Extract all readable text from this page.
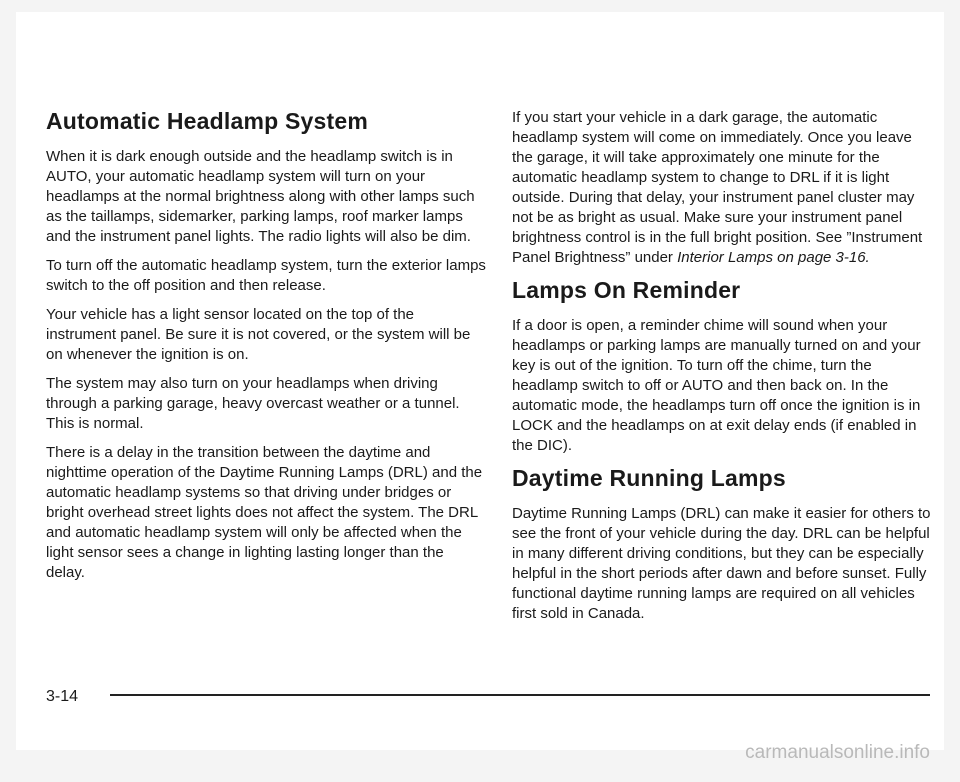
Automatic Headlamp System

When it is dark enough outside and the headlamp switch is in AUTO, your automatic headlamp system will turn on your headlamps at the normal brightness along with other lamps such as the taillamps, sidemarker, parking lamps, roof marker lamps and the instrument panel lights. The radio lights will also be dim.

To turn off the automatic headlamp system, turn the exterior lamps switch to the off position and then release.

Your vehicle has a light sensor located on the top of the instrument panel. Be sure it is not covered, or the system will be on whenever the ignition is on.

The system may also turn on your headlamps when driving through a parking garage, heavy overcast weather or a tunnel. This is normal.

There is a delay in the transition between the daytime and nighttime operation of the Daytime Running Lamps (DRL) and the automatic headlamp systems so that driving under bridges or bright overhead street lights does not affect the system. The DRL and automatic headlamp system will only be affected when the light sensor sees a change in lighting lasting longer than the delay.

If you start your vehicle in a dark garage, the automatic headlamp system will come on immediately. Once you leave the garage, it will take approximately one minute for the automatic headlamp system to change to DRL if it is light outside. During that delay, your instrument panel cluster may not be as bright as usual. Make sure your instrument panel brightness control is in the full bright position. See ”Instrument Panel Brightness” under Interior Lamps on page 3-16.

Lamps On Reminder

If a door is open, a reminder chime will sound when your headlamps or parking lamps are manually turned on and your key is out of the ignition. To turn off the chime, turn the headlamp switch to off or AUTO and then back on. In the automatic mode, the headlamps turn off once the ignition is in LOCK and the headlamps on at exit delay ends (if enabled in the DIC).

Daytime Running Lamps

Daytime Running Lamps (DRL) can make it easier for others to see the front of your vehicle during the day. DRL can be helpful in many different driving conditions, but they can be especially helpful in the short periods after dawn and before sunset. Fully functional daytime running lamps are required on all vehicles first sold in Canada.

3-14
carmanualsonline.info
